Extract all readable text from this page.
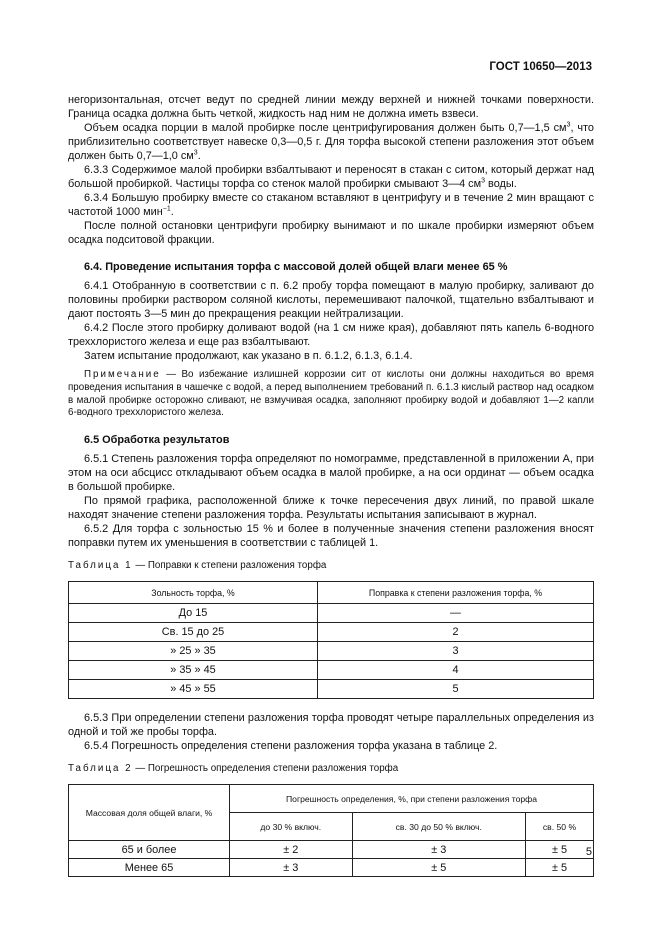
ГОСТ 10650—2013

негоризонтальная, отсчет ведут по средней линии между верхней и нижней точками поверхности. Граница осадка должна быть четкой, жидкость над ним не должна иметь взвеси.

Объем осадка порции в малой пробирке после центрифугирования должен быть 0,7—1,5 $см^3$, что приблизительно соответствует навеске 0,3—0,5 г. Для торфа высокой степени разложения этот объем должен быть 0,7—1,0 $см^3$.

6.3.3 Содержимое малой пробирки взбалтывают и переносят в стакан с ситом, который держат над большой пробиркой. Частицы торфа со стенок малой пробирки смывают 3—4 $см^3$ воды.

6.3.4 Большую пробирку вместе со стаканом вставляют в центрифугу и в течение 2 мин вращают с частотой 1000 мин$^{-1}$.

После полной остановки центрифуги пробирку вынимают и по шкале пробирки измеряют объем осадка подситовой фракции.

6.4. Проведение испытания торфа с массовой долей общей влаги менее 65 %

6.4.1 Отобранную в соответствии с п. 6.2 пробу торфа помещают в малую пробирку, заливают до половины пробирки раствором соляной кислоты, перемешивают палочкой, тщательно взбалтывают и дают постоять 3—5 мин до прекращения реакции нейтрализации.

6.4.2 После этого пробирку доливают водой (на 1 см ниже края), добавляют пять капель 6-водного треххлористого железа и еще раз взбалтывают.

Затем испытание продолжают, как указано в п. 6.1.2, 6.1.3, 6.1.4.

Примечание — Во избежание излишней коррозии сит от кислоты они должны находиться во время проведения испытания в чашечке с водой, а перед выполнением требований п. 6.1.3 кислый раствор над осадком в малой пробирке осторожно сливают, не взмучивая осадка, заполняют пробирку водой и добавляют 1—2 капли 6-водного треххлористого железа.

6.5 Обработка результатов

6.5.1 Степень разложения торфа определяют по номограмме, представленной в приложении А, при этом на оси абсцисс откладывают объем осадка в малой пробирке, а на оси ординат — объем осадка в большой пробирке.

По прямой графика, расположенной ближе к точке пересечения двух линий, по правой шкале находят значение степени разложения торфа. Результаты испытания записывают в журнал.

6.5.2 Для торфа с зольностью 15 % и более в полученные значения степени разложения вносят поправки путем их уменьшения в соответствии с таблицей 1.

Таблица 1 — Поправки к степени разложения торфа
Зольность торфа, %	Поправка к степени разложения торфа, %
До 15	—
Св. 15 до 25	2
» 25 » 35	3
» 35 » 45	4
» 45 » 55	5

6.5.3 При определении степени разложения торфа проводят четыре параллельных определения из одной и той же пробы торфа.

6.5.4 Погрешность определения степени разложения торфа указана в таблице 2.

Таблица 2 — Погрешность определения степени разложения торфа
Массовая доля общей влаги, %	Погрешность определения, %, при степени разложения торфа		
	до 30 % включ.	св. 30 до 50 % включ.	св. 50 %
65 и более	± 2	± 3	± 5
Менее 65	± 3	± 5	± 5
5
